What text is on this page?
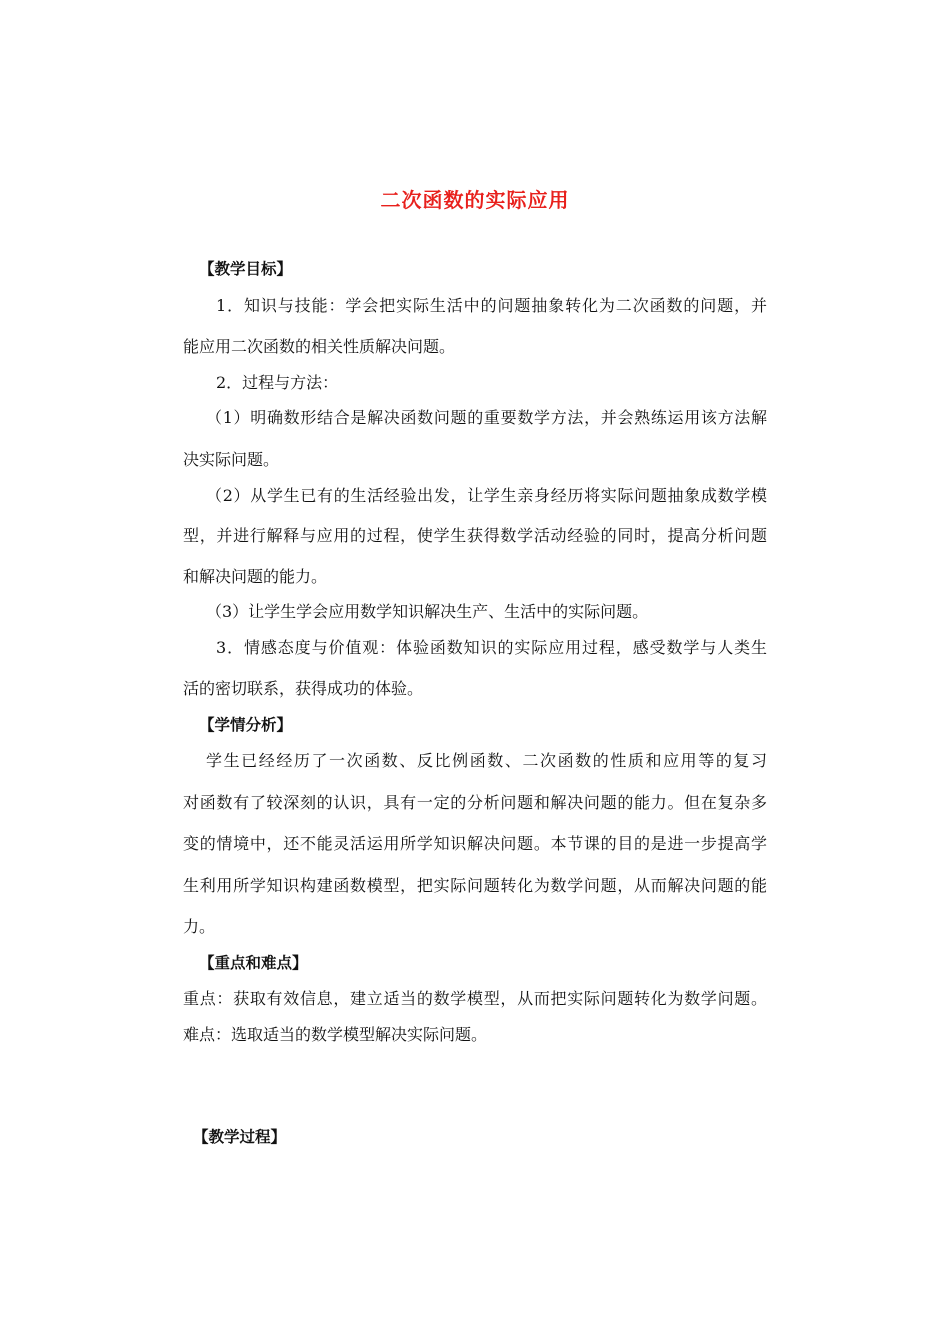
二次函数的实际应用
【教学目标】
1．知识与技能：学会把实际生活中的问题抽象转化为二次函数的问题，并
能应用二次函数的相关性质解决问题。
2．过程与方法：
（1）明确数形结合是解决函数问题的重要数学方法，并会熟练运用该方法解
决实际问题。
（2）从学生已有的生活经验出发，让学生亲身经历将实际问题抽象成数学模
型，并进行解释与应用的过程，使学生获得数学活动经验的同时，提高分析问题
和解决问题的能力。
（3）让学生学会应用数学知识解决生产、生活中的实际问题。
3．情感态度与价值观：体验函数知识的实际应用过程，感受数学与人类生
活的密切联系，获得成功的体验。
【学情分析】
学生已经经历了一次函数、反比例函数、二次函数的性质和应用等的复习
对函数有了较深刻的认识，具有一定的分析问题和解决问题的能力。但在复杂多
变的情境中，还不能灵活运用所学知识解决问题。本节课的目的是进一步提高学
生利用所学知识构建函数模型，把实际问题转化为数学问题，从而解决问题的能
力。
【重点和难点】
重点：获取有效信息，建立适当的数学模型，从而把实际问题转化为数学问题。
难点：选取适当的数学模型解决实际问题。
【教学过程】
